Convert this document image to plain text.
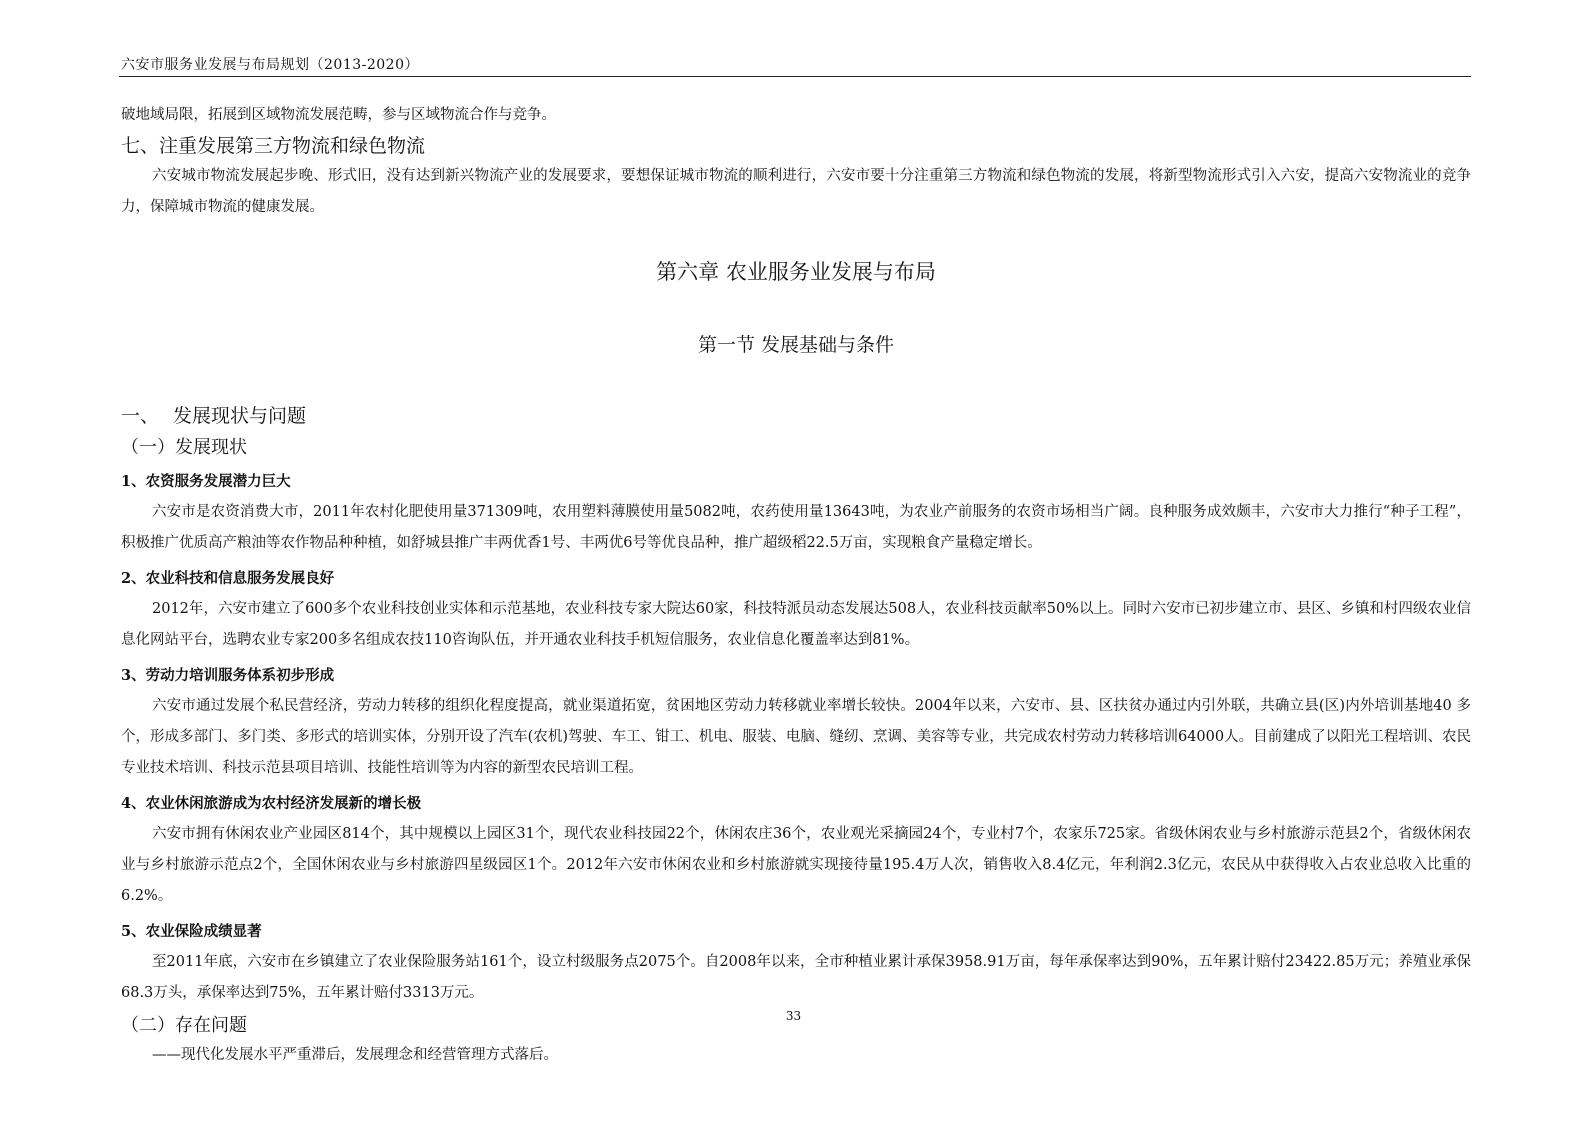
六安市服务业发展与布局规划（2013-2020）

破地域局限，拓展到区域物流发展范畴，参与区域物流合作与竞争。

七、注重发展第三方物流和绿色物流

六安城市物流发展起步晚、形式旧，没有达到新兴物流产业的发展要求，要想保证城市物流的顺利进行，六安市要十分注重第三方物流和绿色物流的发展，将新型物流形式引入六安，提高六安物流业的竞争力，保障城市物流的健康发展。

第六章 农业服务业发展与布局
第一节 发展基础与条件
一、 发展现状与问题
（一）发展现状
1、农资服务发展潜力巨大

六安市是农资消费大市，2011年农村化肥使用量371309吨，农用塑料薄膜使用量5082吨，农药使用量13643吨，为农业产前服务的农资市场相当广阔。良种服务成效颇丰，六安市大力推行“种子工程”，积极推广优质高产粮油等农作物品种种植，如舒城县推广丰两优香1号、丰两优6号等优良品种，推广超级稻22.5万亩，实现粮食产量稳定增长。

2、农业科技和信息服务发展良好

2012年，六安市建立了600多个农业科技创业实体和示范基地，农业科技专家大院达60家，科技特派员动态发展达508人，农业科技贡献率50%以上。同时六安市已初步建立市、县区、乡镇和村四级农业信息化网站平台，选聘农业专家200多名组成农技110咨询队伍，并开通农业科技手机短信服务，农业信息化覆盖率达到81%。

3、劳动力培训服务体系初步形成

六安市通过发展个私民营经济，劳动力转移的组织化程度提高，就业渠道拓宽，贫困地区劳动力转移就业率增长较快。2004年以来，六安市、县、区扶贫办通过内引外联，共确立县(区)内外培训基地40 多个，形成多部门、多门类、多形式的培训实体，分别开设了汽车(农机)驾驶、车工、钳工、机电、服装、电脑、缝纫、烹调、美容等专业，共完成农村劳动力转移培训64000人。目前建成了以阳光工程培训、农民专业技术培训、科技示范县项目培训、技能性培训等为内容的新型农民培训工程。

4、农业休闲旅游成为农村经济发展新的增长极

六安市拥有休闲农业产业园区814个，其中规模以上园区31个，现代农业科技园22个，休闲农庄36个，农业观光采摘园24个，专业村7个，农家乐725家。省级休闲农业与乡村旅游示范县2个，省级休闲农业与乡村旅游示范点2个，全国休闲农业与乡村旅游四星级园区1个。2012年六安市休闲农业和乡村旅游就实现接待量195.4万人次，销售收入8.4亿元，年利润2.3亿元，农民从中获得收入占农业总收入比重的6.2%。

5、农业保险成绩显著

至2011年底，六安市在乡镇建立了农业保险服务站161个，设立村级服务点2075个。自2008年以来，全市种植业累计承保3958.91万亩，每年承保率达到90%，五年累计赔付23422.85万元；养殖业承保68.3万头，承保率达到75%，五年累计赔付3313万元。

（二）存在问题

——现代化发展水平严重滞后，发展理念和经营管理方式落后。

33
